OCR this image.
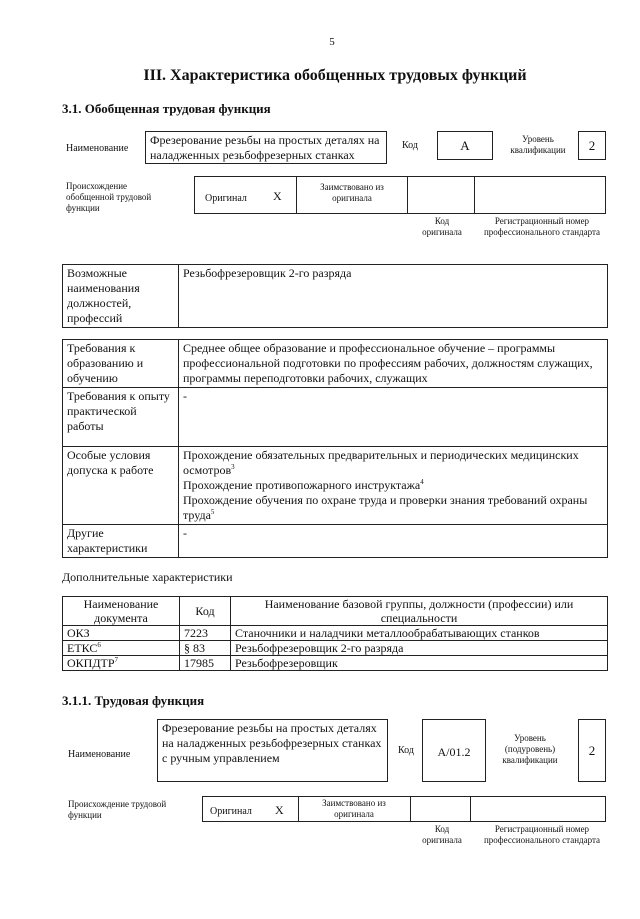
5
III. Характеристика обобщенных трудовых функций
3.1. Обобщенная трудовая функция
Наименование
Фрезерование резьбы на простых деталях на наладженных резьбофрезерных станках
Код	A	Уровень квалификации	2
Происхождение обобщенной трудовой функции
Оригинал X
Заимствовано из оригинала
Код оригинала
Регистрационный номер профессионального стандарта
Возможные наименования должностей, профессий	Резьбофрезеровщик 2-го разряда
Требования к образованию и обучению	Среднее общее образование и профессиональное обучение – программы профессиональной подготовки по профессиям рабочих, должностям служащих, программы переподготовки рабочих, служащих
Требования к опыту практической работы	-
Особые условия допуска к работе	Прохождение обязательных предварительных и периодических медицинских осмотров$^3$
Прохождение противопожарного инструктажа$^4$
Прохождение обучения по охране труда и проверки знания требований охраны труда$^5$

Другие характеристики	-
Дополнительные характеристики
Наименование документа	Код	Наименование базовой группы, должности (профессии) или специальности
ОКЗ	7223	Станочники и наладчики металлообрабатывающих станков
ЕТКС$^6$	§ 83	Резьбофрезеровщик 2-го разряда
ОКПДТР$^7$	17985	Резьбофрезеровщик
3.1.1. Трудовая функция
Наименование
Фрезерование резьбы на простых деталях на наладженных резьбофрезерных станках с ручным управлением
Код	A/01.2
Уровень (подуровень) квалификации
2
Происхождение трудовой функции	Оригинал X	Заимствовано из оригинала
Код оригинала
Регистрационный номер профессионального стандарта
